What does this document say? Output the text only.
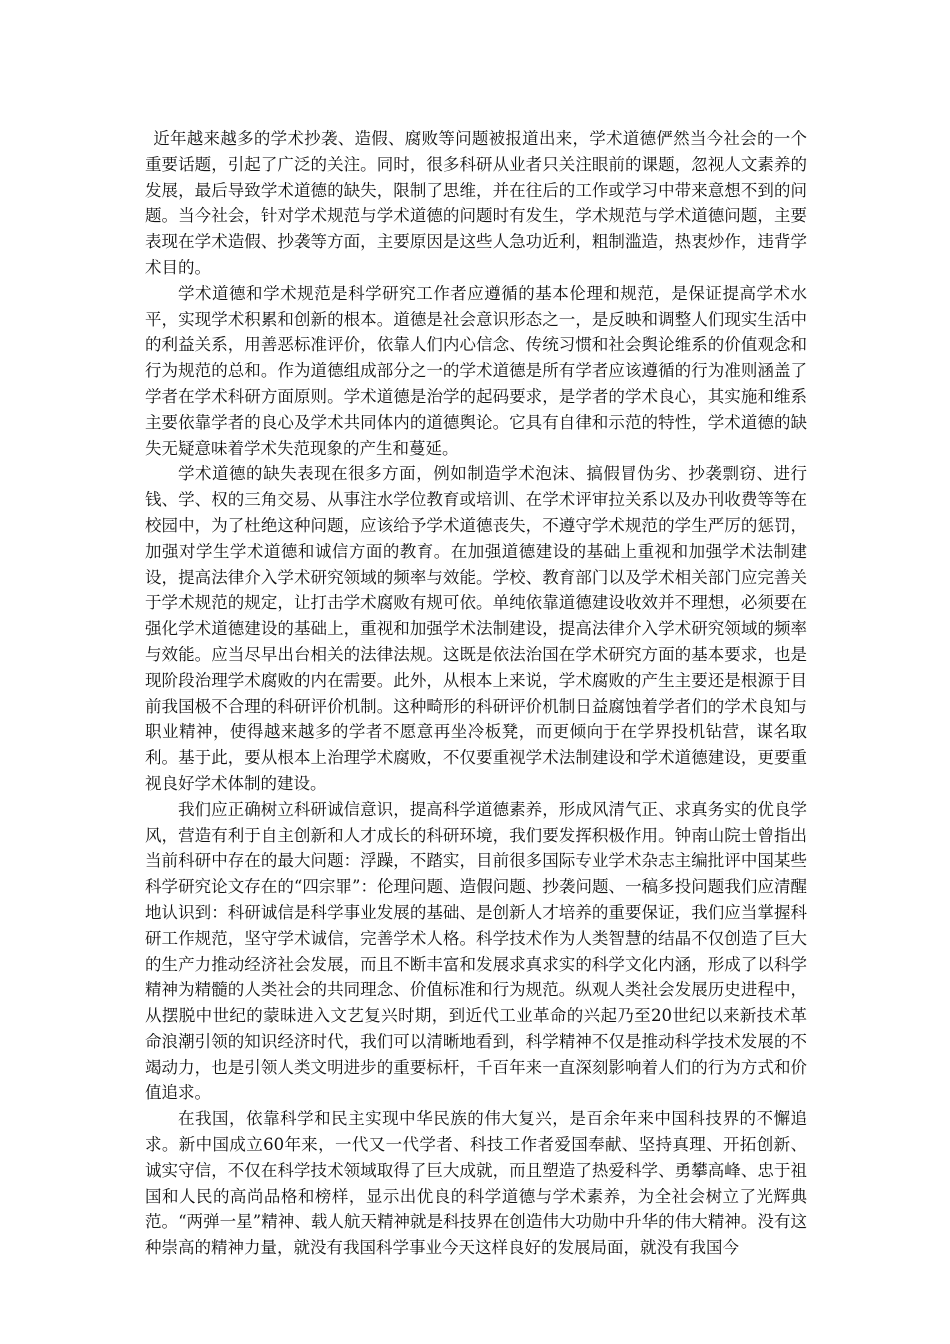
近年越来越多的学术抄袭、造假、腐败等问题被报道出来，学术道德俨然当今社会的一个重要话题，引起了广泛的关注。同时，很多科研从业者只关注眼前的课题，忽视人文素养的发展，最后导致学术道德的缺失，限制了思维，并在往后的工作或学习中带来意想不到的问题。当今社会，针对学术规范与学术道德的问题时有发生，学术规范与学术道德问题，主要表现在学术造假、抄袭等方面，主要原因是这些人急功近利，粗制滥造，热衷炒作，违背学术目的。

学术道德和学术规范是科学研究工作者应遵循的基本伦理和规范，是保证提高学术水平，实现学术积累和创新的根本。道德是社会意识形态之一，是反映和调整人们现实生活中的利益关系，用善恶标准评价，依靠人们内心信念、传统习惯和社会舆论维系的价值观念和行为规范的总和。作为道德组成部分之一的学术道德是所有学者应该遵循的行为准则涵盖了学者在学术科研方面原则。学术道德是治学的起码要求，是学者的学术良心，其实施和维系主要依靠学者的良心及学术共同体内的道德舆论。它具有自律和示范的特性，学术道德的缺失无疑意味着学术失范现象的产生和蔓延。

学术道德的缺失表现在很多方面，例如制造学术泡沫、搞假冒伪劣、抄袭剽窃、进行钱、学、权的三角交易、从事注水学位教育或培训、在学术评审拉关系以及办刊收费等等在校园中，为了杜绝这种问题，应该给予学术道德丧失，不遵守学术规范的学生严厉的惩罚，加强对学生学术道德和诚信方面的教育。在加强道德建设的基础上重视和加强学术法制建设，提高法律介入学术研究领域的频率与效能。学校、教育部门以及学术相关部门应完善关于学术规范的规定，让打击学术腐败有规可依。单纯依靠道德建设收效并不理想，必须要在强化学术道德建设的基础上，重视和加强学术法制建设，提高法律介入学术研究领域的频率与效能。应当尽早出台相关的法律法规。这既是依法治国在学术研究方面的基本要求，也是现阶段治理学术腐败的内在需要。此外，从根本上来说，学术腐败的产生主要还是根源于目前我国极不合理的科研评价机制。这种畸形的科研评价机制日益腐蚀着学者们的学术良知与职业精神，使得越来越多的学者不愿意再坐冷板凳，而更倾向于在学界投机钻营，谋名取利。基于此，要从根本上治理学术腐败，不仅要重视学术法制建设和学术道德建设，更要重视良好学术体制的建设。

我们应正确树立科研诚信意识，提高科学道德素养，形成风清气正、求真务实的优良学风，营造有利于自主创新和人才成长的科研环境，我们要发挥积极作用。钟南山院士曾指出当前科研中存在的最大问题：浮躁，不踏实，目前很多国际专业学术杂志主编批评中国某些科学研究论文存在的“四宗罪”：伦理问题、造假问题、抄袭问题、一稿多投问题我们应清醒地认识到：科研诚信是科学事业发展的基础、是创新人才培养的重要保证，我们应当掌握科研工作规范，坚守学术诚信，完善学术人格。科学技术作为人类智慧的结晶不仅创造了巨大的生产力推动经济社会发展，而且不断丰富和发展求真求实的科学文化内涵，形成了以科学精神为精髓的人类社会的共同理念、价值标准和行为规范。纵观人类社会发展历史进程中，从摆脱中世纪的蒙昧进入文艺复兴时期，到近代工业革命的兴起乃至20世纪以来新技术革命浪潮引领的知识经济时代，我们可以清晰地看到，科学精神不仅是推动科学技术发展的不竭动力，也是引领人类文明进步的重要标杆，千百年来一直深刻影响着人们的行为方式和价值追求。

在我国，依靠科学和民主实现中华民族的伟大复兴，是百余年来中国科技界的不懈追求。新中国成立60年来，一代又一代学者、科技工作者爱国奉献、坚持真理、开拓创新、诚实守信，不仅在科学技术领域取得了巨大成就，而且塑造了热爱科学、勇攀高峰、忠于祖国和人民的高尚品格和榜样，显示出优良的科学道德与学术素养，为全社会树立了光辉典范。“两弹一星”精神、载人航天精神就是科技界在创造伟大功勋中升华的伟大精神。没有这种崇高的精神力量，就没有我国科学事业今天这样良好的发展局面，就没有我国今
